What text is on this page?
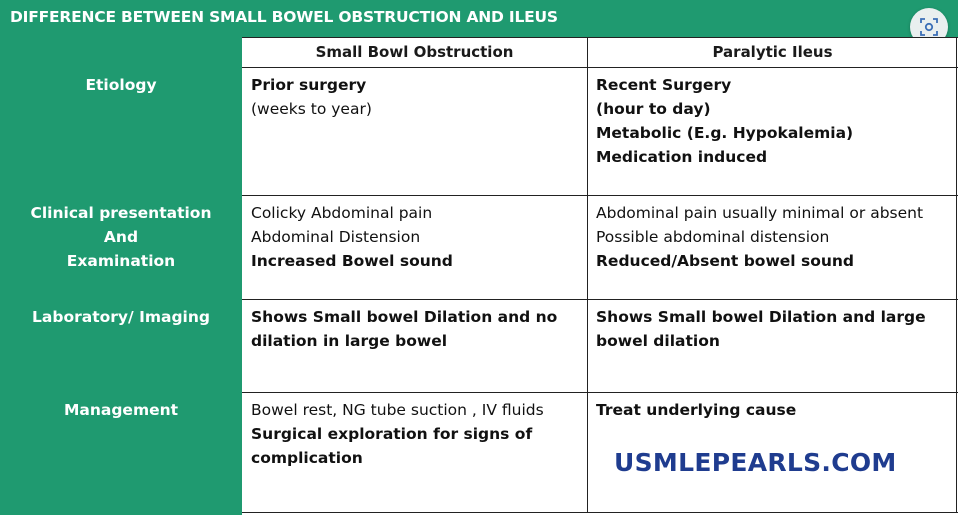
DIFFERENCE BETWEEN SMALL BOWEL OBSTRUCTION AND ILEUS
Small Bowl Obstruction	Paralytic Ileus
Etiology
Clinical presentation
And
Examination
Laboratory/ Imaging
Management
Prior surgery
(weeks to year)
Recent Surgery
(hour to day)
Metabolic (E.g. Hypokalemia)
Medication induced
Colicky Abdominal pain
Abdominal Distension
Increased Bowel sound
Abdominal pain usually minimal or absent
Possible abdominal distension
Reduced/Absent bowel sound
Shows Small bowel Dilation and no
dilation in large bowel
Shows Small bowel Dilation and large
bowel dilation
Bowel rest, NG tube suction , IV fluids
Surgical exploration for signs of
complication
Treat underlying cause
USMLEPEARLS.COM
